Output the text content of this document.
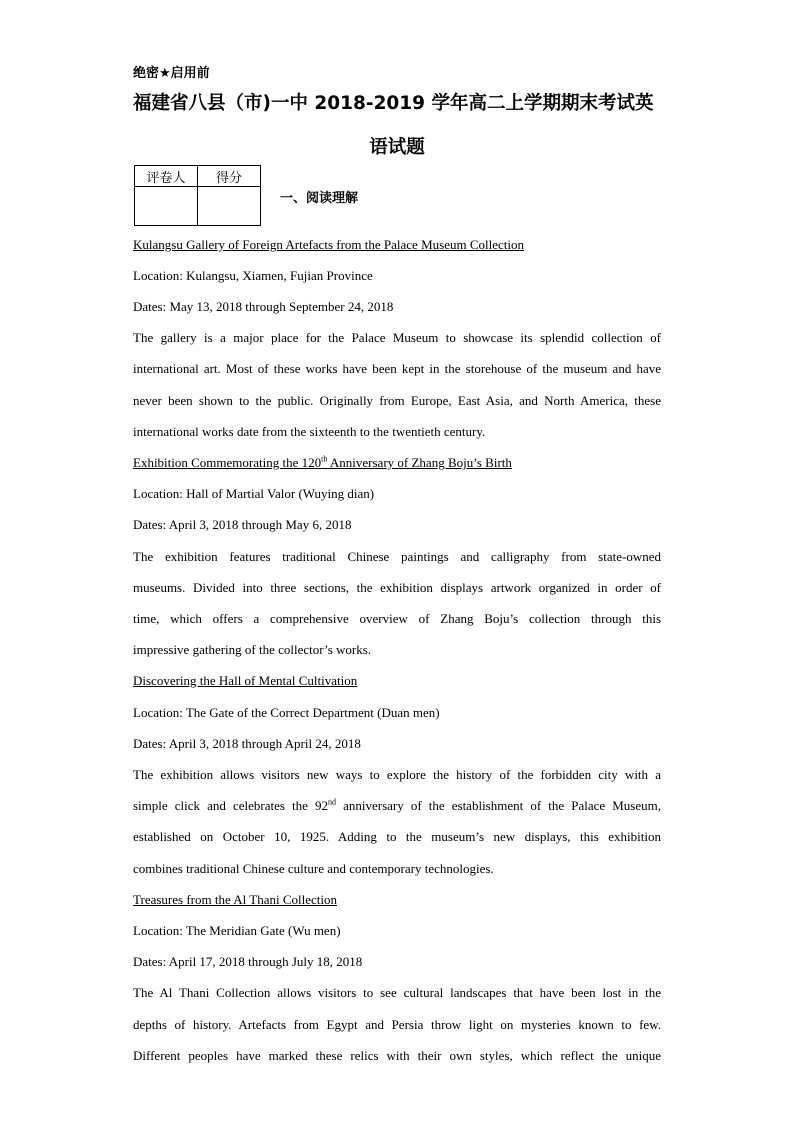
绝密★启用前
福建省八县（市)一中 2018-2019 学年高二上学期期末考试英
语试题
评卷人	得分

一、阅读理解
Kulangsu Gallery of Foreign Artefacts from the Palace Museum Collection
Location: Kulangsu, Xiamen, Fujian Province
Dates: May 13, 2018 through September 24, 2018
The gallery is a major place for the Palace Museum to showcase its splendid collection of
international art. Most of these works have been kept in the storehouse of the museum and have
never been shown to the public. Originally from Europe, East Asia, and North America, these
international works date from the sixteenth to the twentieth century.
Exhibition Commemorating the 120th Anniversary of Zhang Boju’s Birth
Location: Hall of Martial Valor (Wuying dian)
Dates: April 3, 2018 through May 6, 2018
The exhibition features traditional Chinese paintings and calligraphy from state-owned
museums. Divided into three sections, the exhibition displays artwork organized in order of
time, which offers a comprehensive overview of Zhang Boju’s collection through this
impressive gathering of the collector’s works.
Discovering the Hall of Mental Cultivation
Location: The Gate of the Correct Department (Duan men)
Dates: April 3, 2018 through April 24, 2018
The exhibition allows visitors new ways to explore the history of the forbidden city with a
simple click and celebrates the 92nd anniversary of the establishment of the Palace Museum,
established on October 10, 1925. Adding to the museum’s new displays, this exhibition
combines traditional Chinese culture and contemporary technologies.
Treasures from the Al Thani Collection
Location: The Meridian Gate (Wu men)
Dates: April 17, 2018 through July 18, 2018
The Al Thani Collection allows visitors to see cultural landscapes that have been lost in the
depths of history. Artefacts from Egypt and Persia throw light on mysteries known to few.
Different peoples have marked these relics with their own styles, which reflect the unique
